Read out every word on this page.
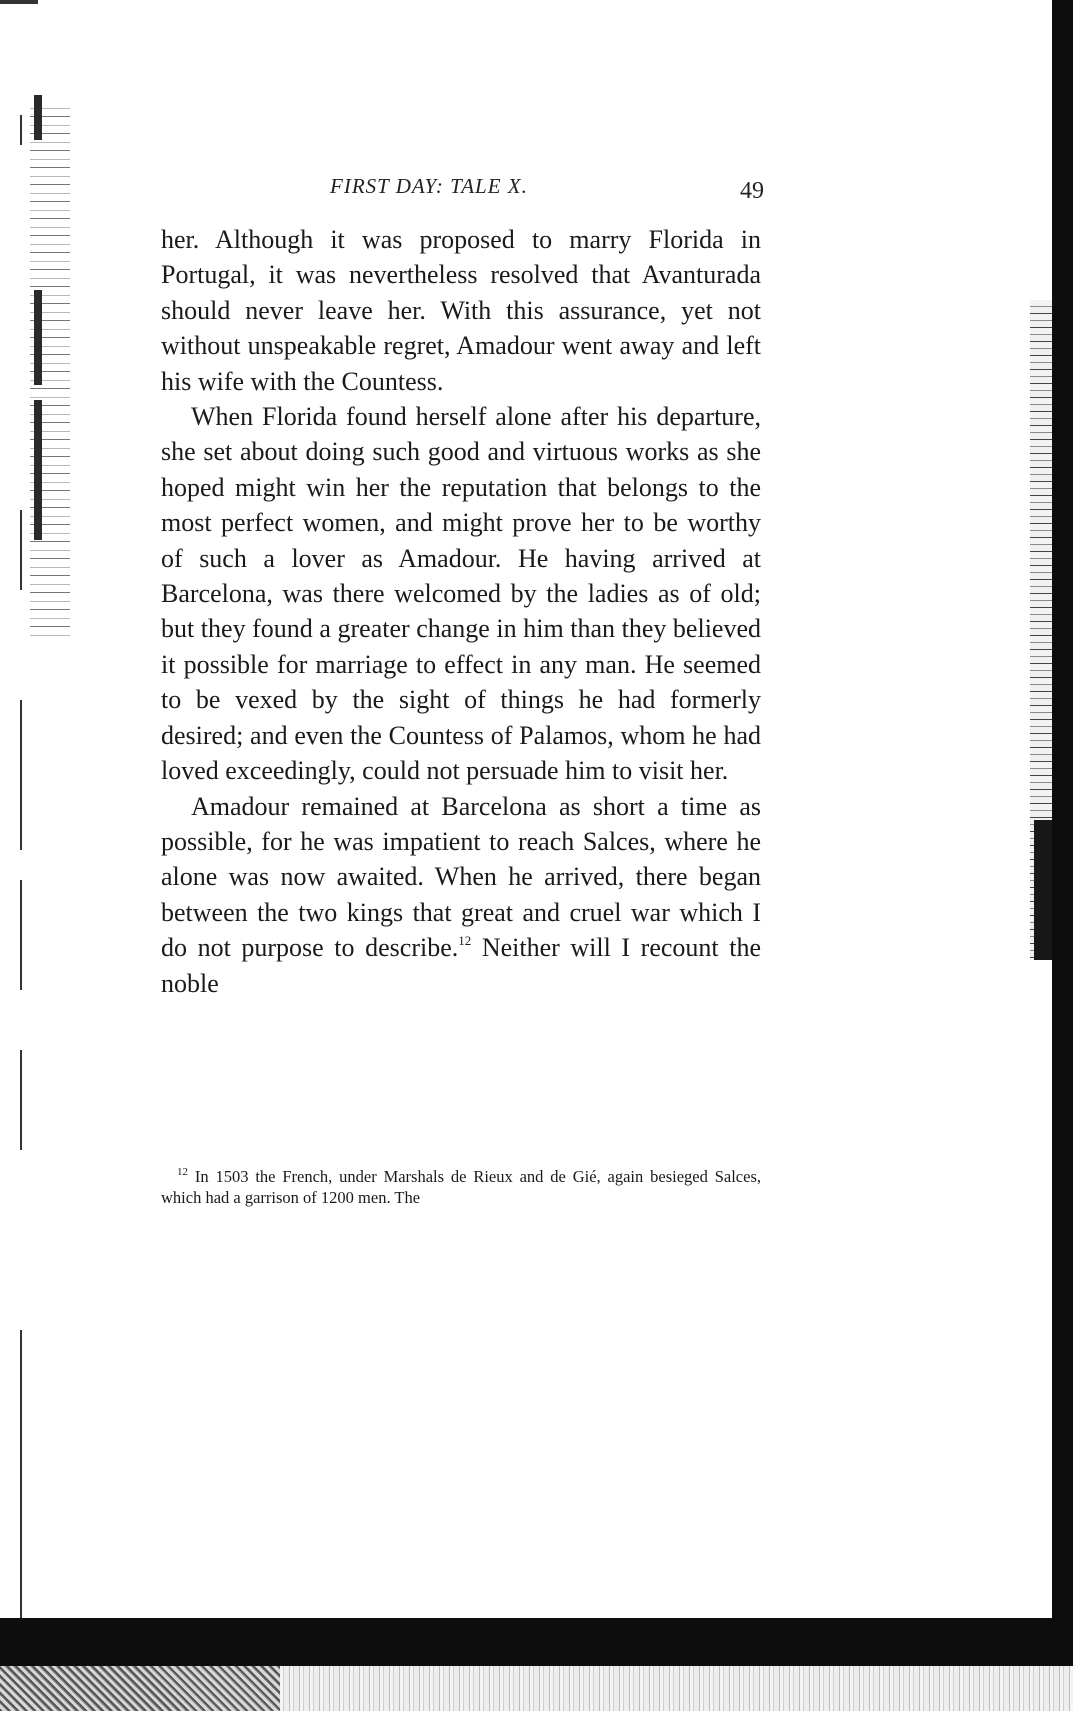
FIRST DAY: TALE X.	49

her. Although it was proposed to marry Florida in Portugal, it was nevertheless resolved that Avanturada should never leave her. With this assurance, yet not without unspeakable regret, Amadour went away and left his wife with the Countess.

When Florida found herself alone after his departure, she set about doing such good and virtuous works as she hoped might win her the reputation that belongs to the most perfect women, and might prove her to be worthy of such a lover as Amadour. He having arrived at Barcelona, was there welcomed by the ladies as of old; but they found a greater change in him than they believed it possible for marriage to effect in any man. He seemed to be vexed by the sight of things he had formerly desired; and even the Countess of Palamos, whom he had loved exceedingly, could not persuade him to visit her.

Amadour remained at Barcelona as short a time as possible, for he was impatient to reach Salces, where he alone was now awaited. When he arrived, there began between the two kings that great and cruel war which I do not purpose to describe.$^{12}$ Neither will I recount the noble

$^{12}$ In 1503 the French, under Marshals de Rieux and de Gié, again besieged Salces, which had a garrison of 1200 men. The
